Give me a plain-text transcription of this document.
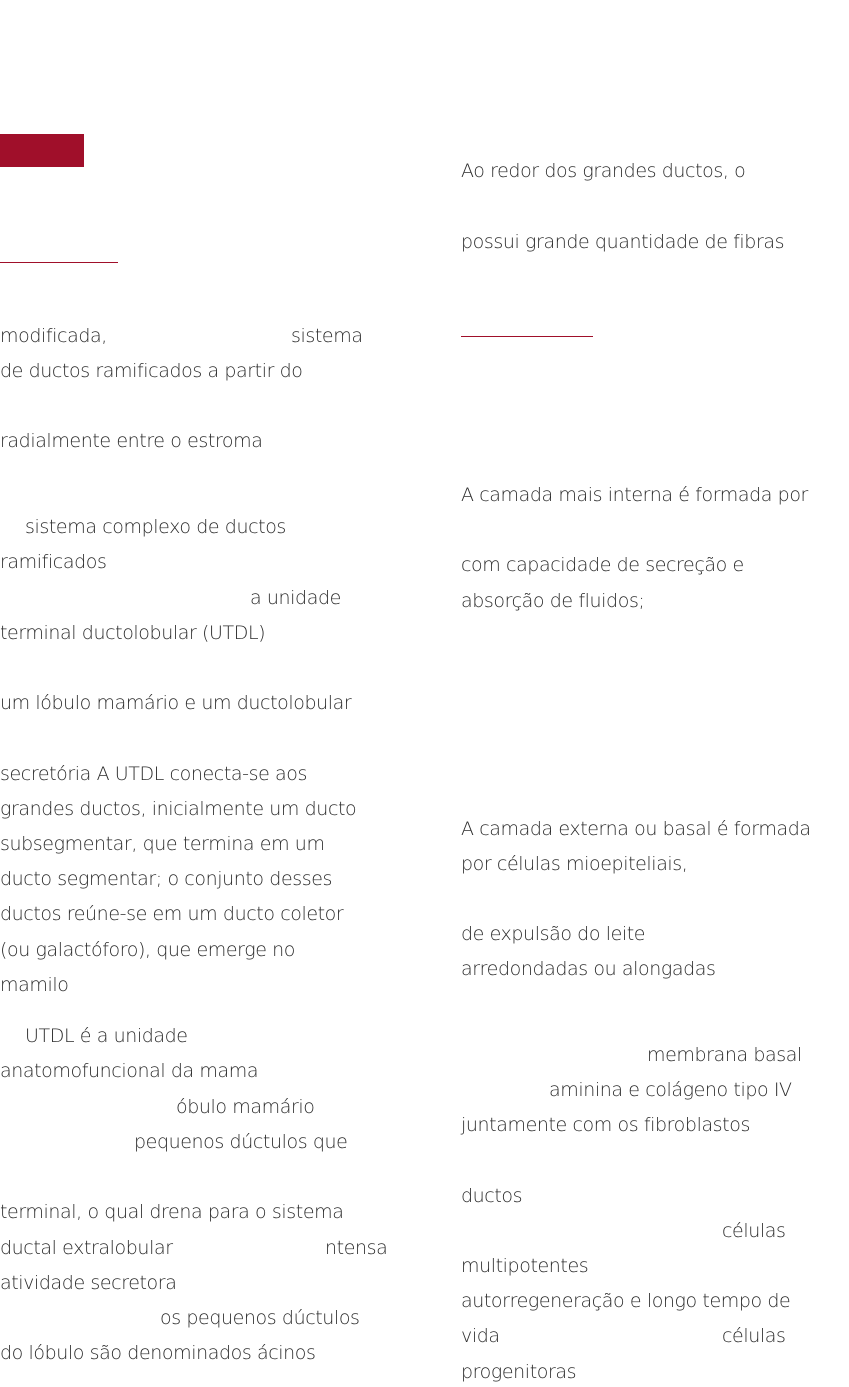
modificada,	sistema

de ductos ramificados a partir do

radialmente entre o estroma

sistema complexo de ductos

ramificados

a unidade

terminal ductolobular (UTDL)

um lóbulo mamário e um ductolobular

secretória A UTDL conecta-se aos

grandes ductos, inicialmente um ducto

subsegmentar, que termina em um

ducto segmentar; o conjunto desses

ductos reúne-se em um ducto coletor

(ou galactóforo), que emerge no

mamilo

UTDL é a unidade

anatomofuncional da mama

óbulo mamário

pequenos dúctulos que

terminal, o qual drena para o sistema

ductal extralobular	ntensa

atividade secretora

os pequenos dúctulos

do lóbulo são denominados ácinos

Ao redor dos grandes ductos, o

possui grande quantidade de fibras

A camada mais interna é formada por

com capacidade de secreção e

absorção de fluidos;

A camada externa ou basal é formada

por células mioepiteliais,

de expulsão do leite

arredondadas ou alongadas

membrana basal

aminina e colágeno tipo IV

juntamente com os fibroblastos

ductos

células

multipotentes

autorregeneração e longo tempo de

vida	células

progenitoras
